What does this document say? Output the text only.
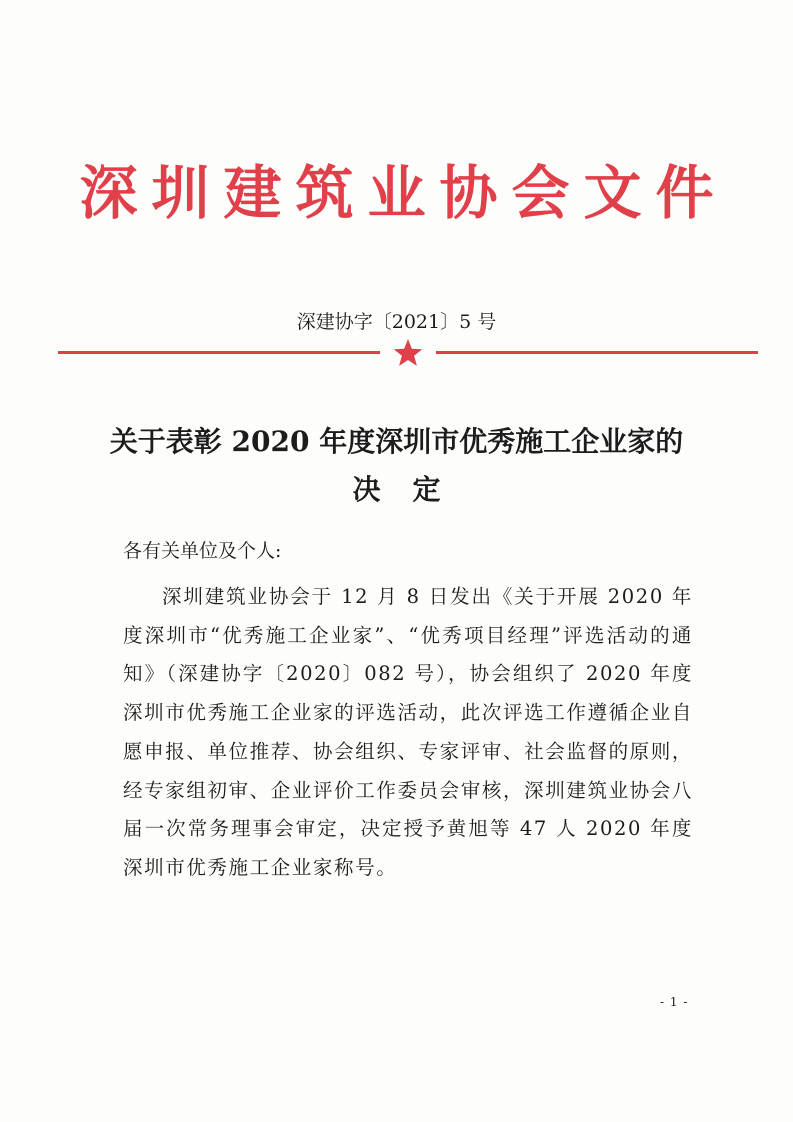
深圳建筑业协会文件
深建协字〔2021〕5 号
关于表彰 2020 年度深圳市优秀施工企业家的
决定
各有关单位及个人:

深圳建筑业协会于 12 月 8 日发出《关于开展 2020 年度深圳市“优秀施工企业家”、“优秀项目经理”评选活动的通知》（深建协字〔2020〕082 号），协会组织了 2020 年度深圳市优秀施工企业家的评选活动，此次评选工作遵循企业自愿申报、单位推荐、协会组织、专家评审、社会监督的原则，经专家组初审、企业评价工作委员会审核，深圳建筑业协会八届一次常务理事会审定，决定授予黄旭等 47 人 2020 年度深圳市优秀施工企业家称号。

- 1 -
